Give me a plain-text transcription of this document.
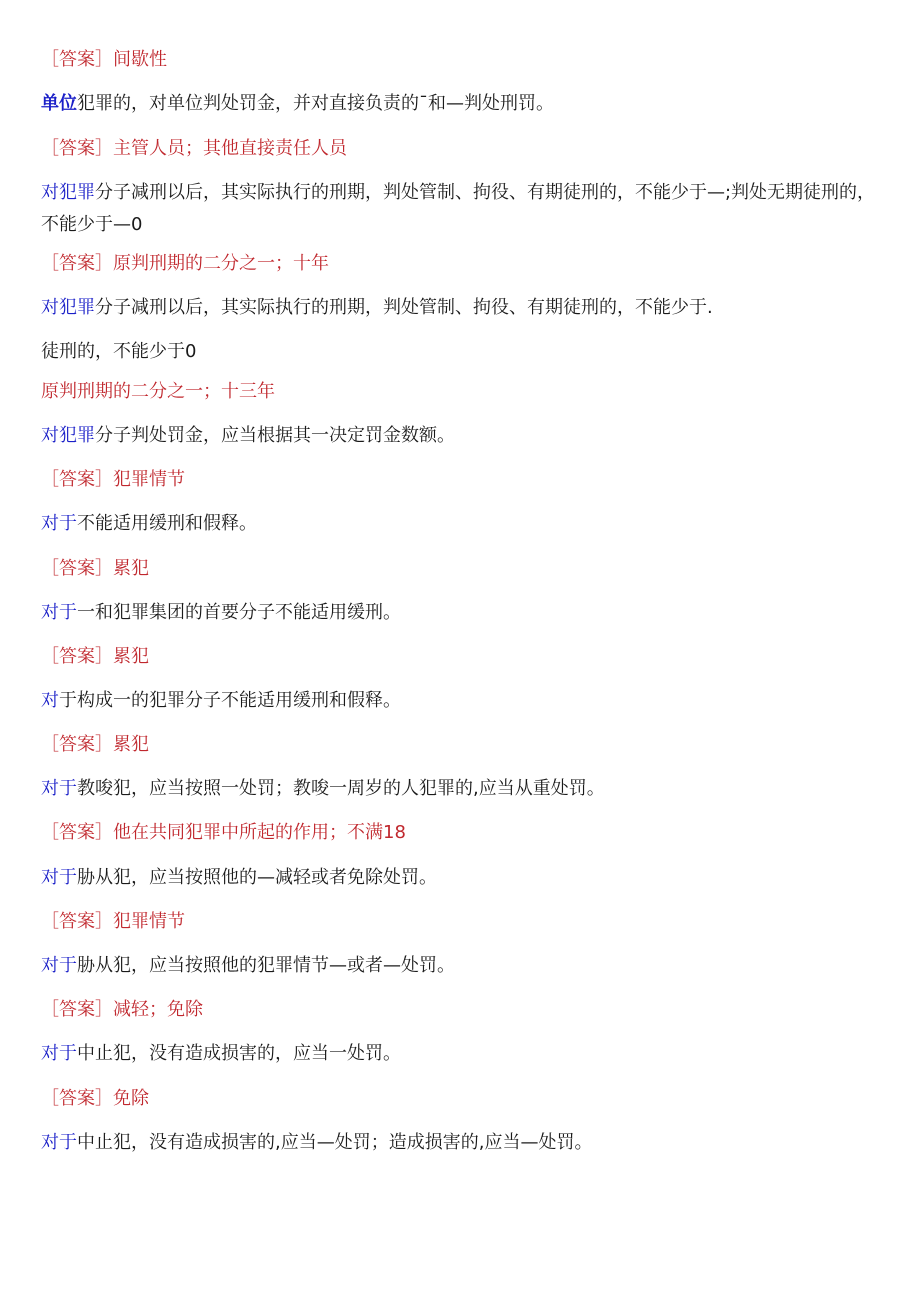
［答案］间歇性
单位犯罪的，对单位判处罚金，并对直接负责的¯和—判处刑罚。
［答案］主管人员；其他直接责任人员
对犯罪分子减刑以后，其实际执行的刑期，判处管制、拘役、有期徒刑的，不能少于—;判处无期徒刑的，不能少于—0
［答案］原判刑期的二分之一；十年
对犯罪分子减刑以后，其实际执行的刑期，判处管制、拘役、有期徒刑的，不能少于.
徒刑的，不能少于0
原判刑期的二分之一；十三年
对犯罪分子判处罚金，应当根据其一决定罚金数额。
［答案］犯罪情节
对于不能适用缓刑和假释。
［答案］累犯
对于一和犯罪集团的首要分子不能适用缓刑。
［答案］累犯
对于构成一的犯罪分子不能适用缓刑和假释。
［答案］累犯
对于教唆犯，应当按照一处罚；教唆一周岁的人犯罪的,应当从重处罚。
［答案］他在共同犯罪中所起的作用；不满18
对于胁从犯，应当按照他的—减轻或者免除处罚。
［答案］犯罪情节
对于胁从犯，应当按照他的犯罪情节—或者—处罚。
［答案］减轻；免除
对于中止犯，没有造成损害的，应当一处罚。
［答案］免除
对于中止犯，没有造成损害的,应当—处罚；造成损害的,应当—处罚。
